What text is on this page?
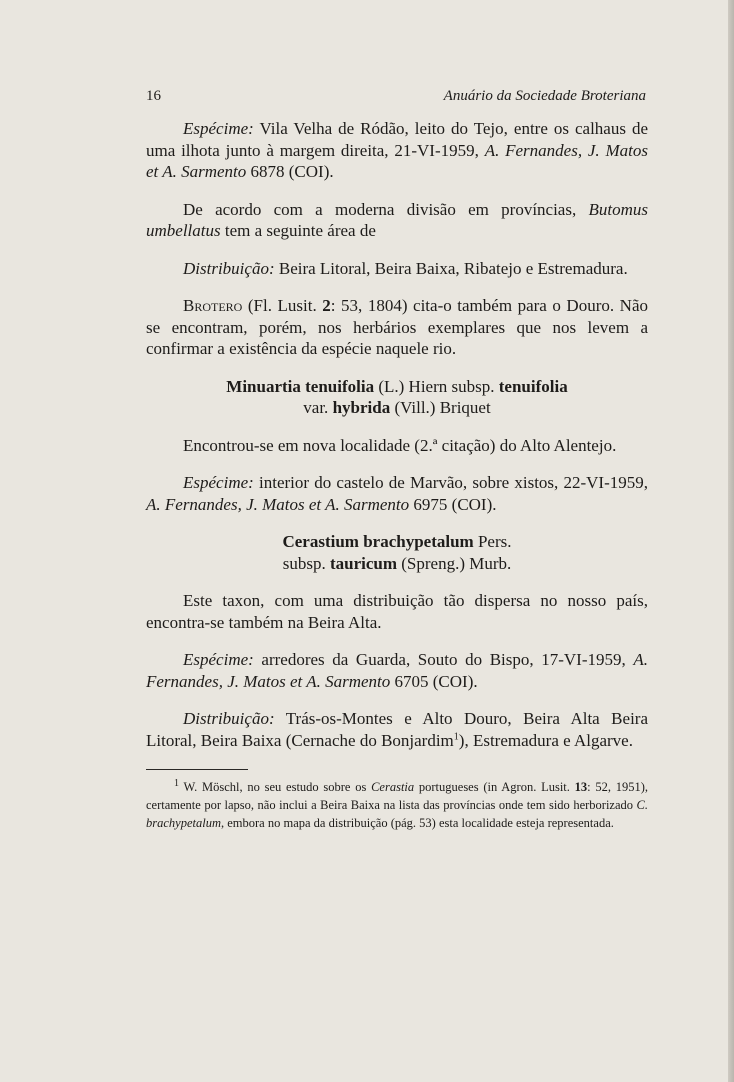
16	Anuário da Sociedade Broteriana

Espécime: Vila Velha de Ródão, leito do Tejo, entre os calhaus de uma ilhota junto à margem direita, 21-VI-1959, A. Fernandes, J. Matos et A. Sarmento 6878 (COI).

De acordo com a moderna divisão em províncias, Butomus umbellatus tem a seguinte área de

Distribuição: Beira Litoral, Beira Baixa, Ribatejo e Estremadura.

Brotero (Fl. Lusit. 2: 53, 1804) cita-o também para o Douro. Não se encontram, porém, nos herbários exemplares que nos levem a confirmar a existência da espécie naquele rio.

Minuartia tenuifolia (L.) Hiern subsp. tenuifolia
var. hybrida (Vill.) Briquet

Encontrou-se em nova localidade (2.ª citação) do Alto Alentejo.

Espécime: interior do castelo de Marvão, sobre xistos, 22-VI-1959, A. Fernandes, J. Matos et A. Sarmento 6975 (COI).

Cerastium brachypetalum Pers.
subsp. tauricum (Spreng.) Murb.

Este taxon, com uma distribuição tão dispersa no nosso país, encontra-se também na Beira Alta.

Espécime: arredores da Guarda, Souto do Bispo, 17-VI-1959, A. Fernandes, J. Matos et A. Sarmento 6705 (COI).

Distribuição: Trás-os-Montes e Alto Douro, Beira Alta Beira Litoral, Beira Baixa (Cernache do Bonjardim$^1$), Estremadura e Algarve.

$^1$ W. Möschl, no seu estudo sobre os Cerastia portugueses (in Agron. Lusit. 13: 52, 1951), certamente por lapso, não inclui a Beira Baixa na lista das províncias onde tem sido herborizado C. brachypetalum, embora no mapa da distribuição (pág. 53) esta localidade esteja representada.
